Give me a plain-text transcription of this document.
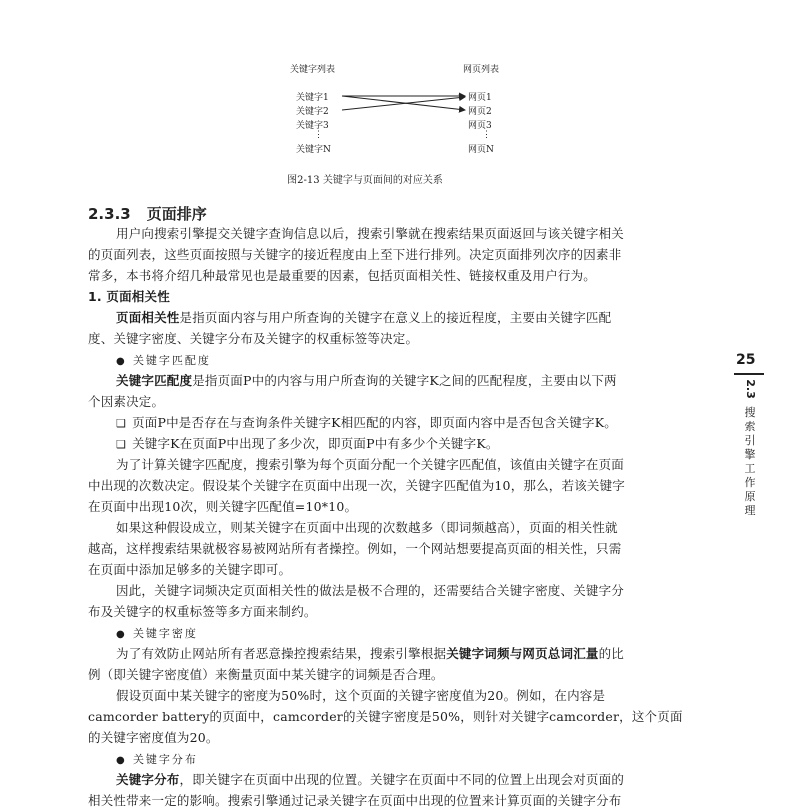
关键字列表	网页列表
关键字1
关键字2
关键字3
⋮
关键字N
网页1
网页2
网页3
⋮
网页N
图2-13 关键字与页面间的对应关系
2.3.3 页面排序
用户向搜索引擎提交关键字查询信息以后，搜索引擎就在搜索结果页面返回与该关键字相关
的页面列表，这些页面按照与关键字的接近程度由上至下进行排列。决定页面排列次序的因素非
常多，本书将介绍几种最常见也是最重要的因素，包括页面相关性、链接权重及用户行为。
1. 页面相关性
页面相关性是指页面内容与用户所查询的关键字在意义上的接近程度，主要由关键字匹配
度、关键字密度、关键字分布及关键字的权重标签等决定。
● 关键字匹配度
关键字匹配度是指页面P中的内容与用户所查询的关键字K之间的匹配程度，主要由以下两
个因素决定。
❑ 页面P中是否存在与查询条件关键字K相匹配的内容，即页面内容中是否包含关键字K。
❑ 关键字K在页面P中出现了多少次，即页面P中有多少个关键字K。
为了计算关键字匹配度，搜索引擎为每个页面分配一个关键字匹配值，该值由关键字在页面
中出现的次数决定。假设某个关键字在页面中出现一次，关键字匹配值为10，那么，若该关键字
在页面中出现10次，则关键字匹配值=10*10。
如果这种假设成立，则某关键字在页面中出现的次数越多（即词频越高），页面的相关性就
越高，这样搜索结果就极容易被网站所有者操控。例如，一个网站想要提高页面的相关性，只需
在页面中添加足够多的关键字即可。
因此，关键字词频决定页面相关性的做法是极不合理的，还需要结合关键字密度、关键字分
布及关键字的权重标签等多方面来制约。
● 关键字密度
为了有效防止网站所有者恶意操控搜索结果，搜索引擎根据关键字词频与网页总词汇量的比
例（即关键字密度值）来衡量页面中某关键字的词频是否合理。
假设页面中某关键字的密度为50%时，这个页面的关键字密度值为20。例如，在内容是
camcorder battery的页面中，camcorder的关键字密度是50%，则针对关键字camcorder，这个页面
的关键字密度值为20。
● 关键字分布
关键字分布，即关键字在页面中出现的位置。关键字在页面中不同的位置上出现会对页面的
相关性带来一定的影响。搜索引擎通过记录关键字在页面中出现的位置来计算页面的关键字分布
25
2.3
搜
索
引
擎
工
作
原
理
